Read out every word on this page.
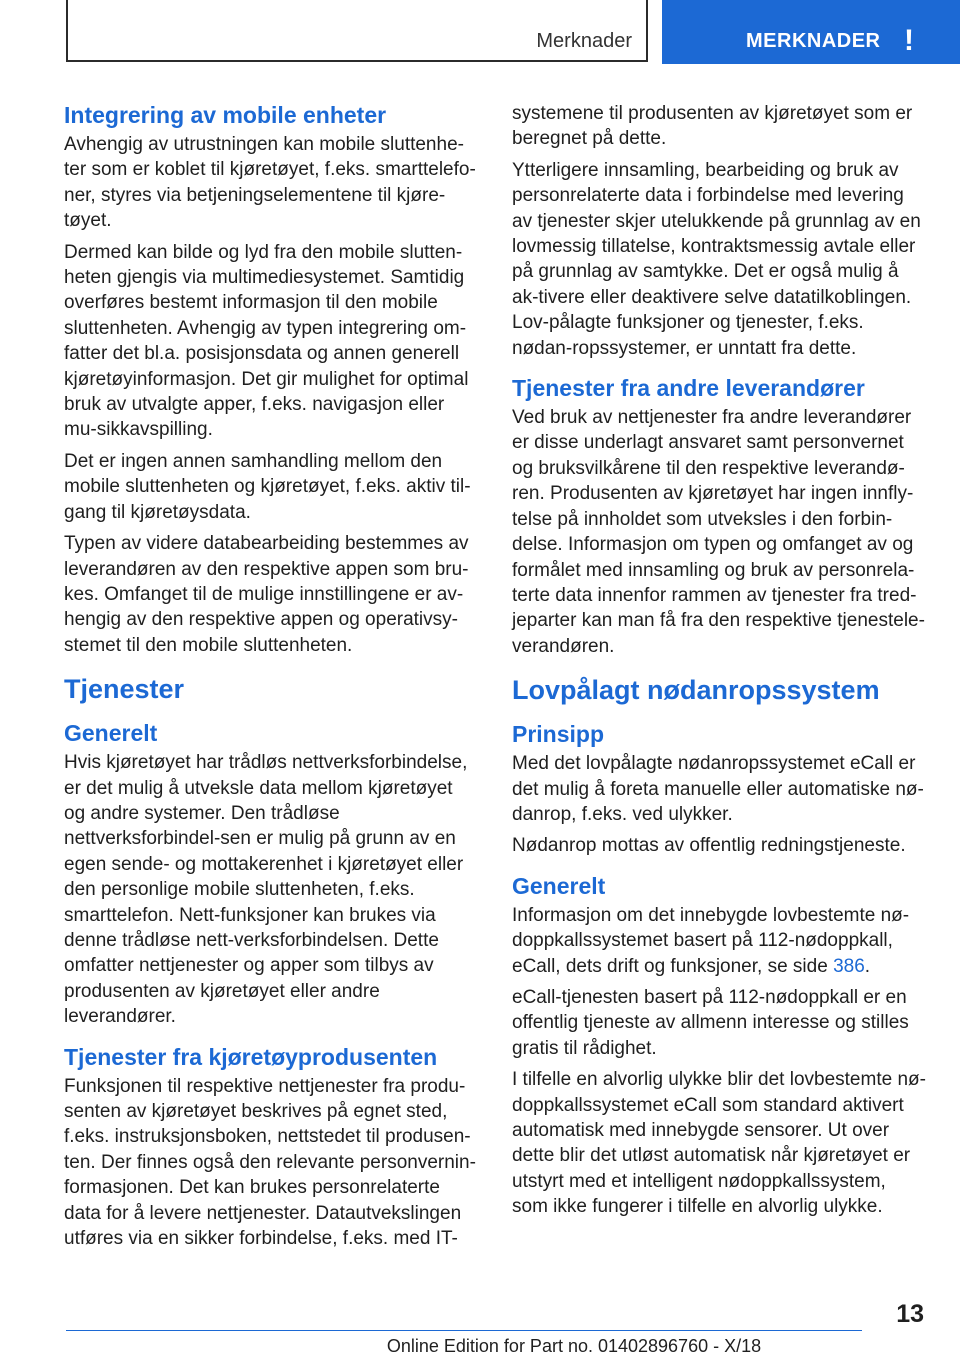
Merknader	MERKNADER !
Integrering av mobile enheter

Avhengig av utrustningen kan mobile sluttenhe-ter som er koblet til kjøretøyet, f.eks. smarttelefo-ner, styres via betjeningselementene til kjøre-tøyet.

Dermed kan bilde og lyd fra den mobile slutten-heten gjengis via multimediesystemet. Samtidig overføres bestemt informasjon til den mobile sluttenheten. Avhengig av typen integrering om-fatter det bl.a. posisjonsdata og annen generell kjøretøyinformasjon. Det gir mulighet for optimal bruk av utvalgte apper, f.eks. navigasjon eller mu-sikkavspilling.

Det er ingen annen samhandling mellom den mobile sluttenheten og kjøretøyet, f.eks. aktiv til-gang til kjøretøysdata.

Typen av videre databearbeiding bestemmes av leverandøren av den respektive appen som bru-kes. Omfanget til de mulige innstillingene er av-hengig av den respektive appen og operativsy-stemet til den mobile sluttenheten.

Tjenester
Generelt

Hvis kjøretøyet har trådløs nettverksforbindelse, er det mulig å utveksle data mellom kjøretøyet og andre systemer. Den trådløse nettverksforbindel-sen er mulig på grunn av en egen sende- og mottakerenhet i kjøretøyet eller den personlige mobile sluttenheten, f.eks. smarttelefon. Nett-funksjoner kan brukes via denne trådløse nett-verksforbindelsen. Dette omfatter nettjenester og apper som tilbys av produsenten av kjøretøyet eller andre leverandører.

Tjenester fra kjøretøyprodusenten

Funksjonen til respektive nettjenester fra produ-senten av kjøretøyet beskrives på egnet sted, f.eks. instruksjonsboken, nettstedet til produsen-ten. Der finnes også den relevante personvernin-formasjonen. Det kan brukes personrelaterte data for å levere nettjenester. Datautvekslingen utføres via en sikker forbindelse, f.eks. med IT-

systemene til produsenten av kjøretøyet som er beregnet på dette.

Ytterligere innsamling, bearbeiding og bruk av personrelaterte data i forbindelse med levering av tjenester skjer utelukkende på grunnlag av en lovmessig tillatelse, kontraktsmessig avtale eller på grunnlag av samtykke. Det er også mulig å ak-tivere eller deaktivere selve datatilkoblingen. Lov-pålagte funksjoner og tjenester, f.eks. nødan-ropssystemer, er unntatt fra dette.

Tjenester fra andre leverandører

Ved bruk av nettjenester fra andre leverandører er disse underlagt ansvaret samt personvernet og bruksvilkårene til den respektive leverandø-ren. Produsenten av kjøretøyet har ingen innfly-telse på innholdet som utveksles i den forbin-delse. Informasjon om typen og omfanget av og formålet med innsamling og bruk av personrela-terte data innenfor rammen av tjenester fra tred-jeparter kan man få fra den respektive tjenestele-verandøren.

Lovpålagt nødanropssystem
Prinsipp

Med det lovpålagte nødanropssystemet eCall er det mulig å foreta manuelle eller automatiske nø-danrop, f.eks. ved ulykker.

Nødanrop mottas av offentlig redningstjeneste.

Generelt

Informasjon om det innebygde lovbestemte nø-doppkallssystemet basert på 112-nødoppkall, eCall, dets drift og funksjoner, se side 386.

eCall-tjenesten basert på 112-nødoppkall er en offentlig tjeneste av allmenn interesse og stilles gratis til rådighet.

I tilfelle en alvorlig ulykke blir det lovbestemte nø-doppkallssystemet eCall som standard aktivert automatisk med innebygde sensorer. Ut over dette blir det utløst automatisk når kjøretøyet er utstyrt med et intelligent nødoppkallssystem, som ikke fungerer i tilfelle en alvorlig ulykke.

13
Online Edition for Part no. 01402896760 - X/18
